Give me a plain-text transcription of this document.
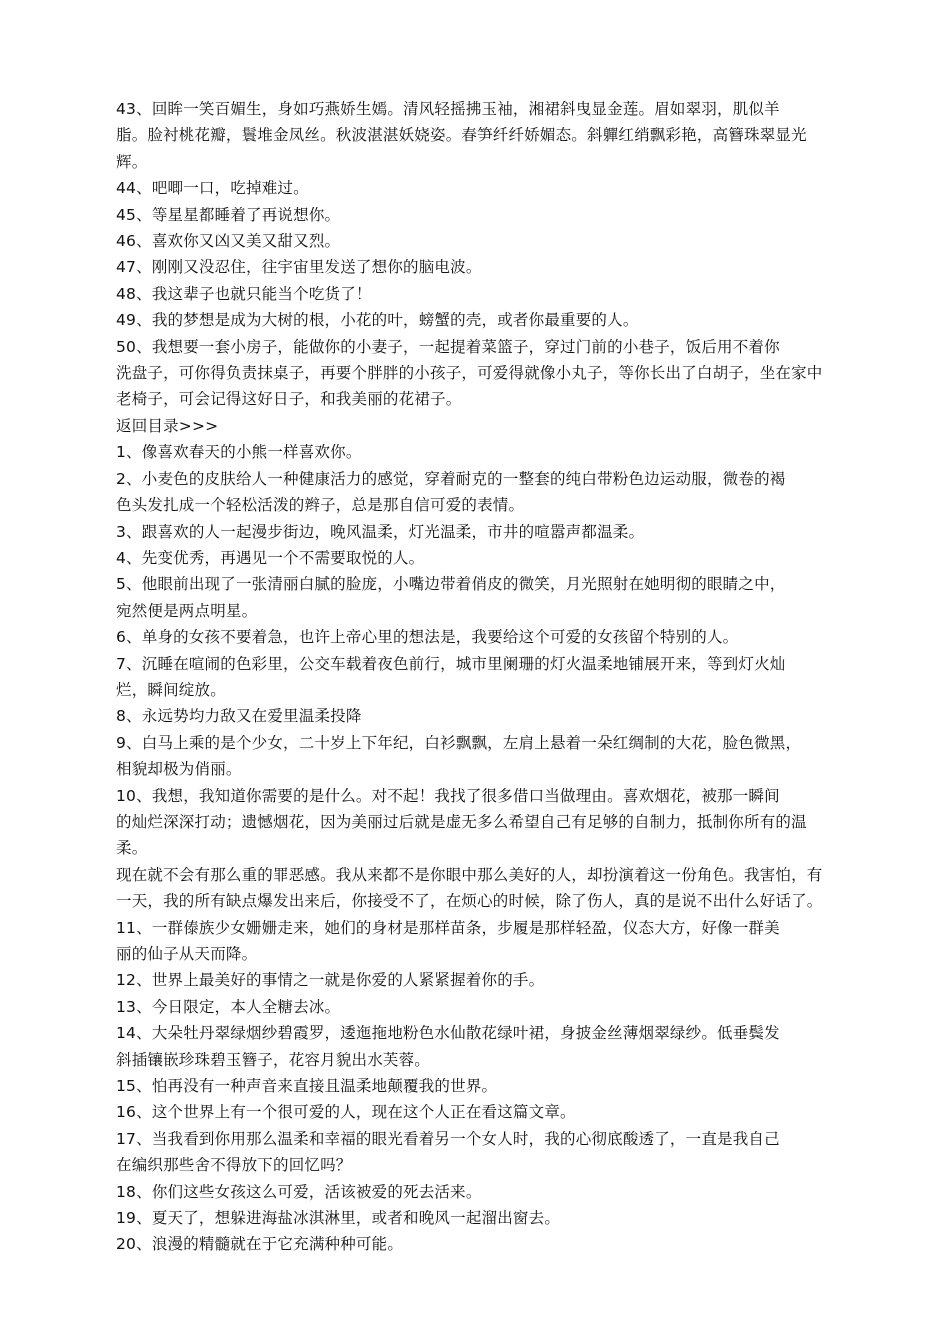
43、回眸一笑百媚生，身如巧燕娇生嫣。清风轻摇拂玉袖，湘裙斜曳显金莲。眉如翠羽，肌似羊
脂。脸衬桃花瓣，鬟堆金凤丝。秋波湛湛妖娆姿。春笋纤纤娇媚态。斜軃红绡飘彩艳，高簪珠翠显光辉。

44、吧唧一口，吃掉难过。

45、等星星都睡着了再说想你。

46、喜欢你又凶又美又甜又烈。

47、刚刚又没忍住，往宇宙里发送了想你的脑电波。

48、我这辈子也就只能当个吃货了！

49、我的梦想是成为大树的根，小花的叶，螃蟹的壳，或者你最重要的人。

50、我想要一套小房子，能做你的小妻子，一起提着菜篮子，穿过门前的小巷子，饭后用不着你
洗盘子，可你得负责抹桌子，再要个胖胖的小孩子，可爱得就像小丸子，等你长出了白胡子，坐在家中
老椅子，可会记得这好日子，和我美丽的花裙子。

返回目录>>>

1、像喜欢春天的小熊一样喜欢你。

2、小麦色的皮肤给人一种健康活力的感觉，穿着耐克的一整套的纯白带粉色边运动服，微卷的褐
色头发扎成一个轻松活泼的辫子，总是那自信可爱的表情。

3、跟喜欢的人一起漫步街边，晚风温柔，灯光温柔，市井的喧嚣声都温柔。

4、先变优秀，再遇见一个不需要取悦的人。

5、他眼前出现了一张清丽白腻的脸庞，小嘴边带着俏皮的微笑，月光照射在她明彻的眼睛之中，
宛然便是两点明星。

6、单身的女孩不要着急，也许上帝心里的想法是，我要给这个可爱的女孩留个特别的人。

7、沉睡在喧闹的色彩里，公交车载着夜色前行，城市里阑珊的灯火温柔地铺展开来，等到灯火灿
烂，瞬间绽放。

8、永远势均力敌又在爱里温柔投降

9、白马上乘的是个少女，二十岁上下年纪，白衫飘飘，左肩上悬着一朵红绸制的大花，脸色微黑，
相貌却极为俏丽。

10、我想，我知道你需要的是什么。对不起！我找了很多借口当做理由。喜欢烟花，被那一瞬间
的灿烂深深打动；遗憾烟花，因为美丽过后就是虚无多么希望自己有足够的自制力，抵制你所有的温柔。
现在就不会有那么重的罪恶感。我从来都不是你眼中那么美好的人，却扮演着这一份角色。我害怕，有
一天，我的所有缺点爆发出来后，你接受不了，在烦心的时候，除了伤人，真的是说不出什么好话了。

11、一群傣族少女姗姗走来，她们的身材是那样苗条，步履是那样轻盈，仪态大方，好像一群美
丽的仙子从天而降。

12、世界上最美好的事情之一就是你爱的人紧紧握着你的手。

13、今日限定，本人全糖去冰。

14、大朵牡丹翠绿烟纱碧霞罗，逶迤拖地粉色水仙散花绿叶裙，身披金丝薄烟翠绿纱。低垂鬓发
斜插镶嵌珍珠碧玉簪子，花容月貌出水芙蓉。

15、怕再没有一种声音来直接且温柔地颠覆我的世界。

16、这个世界上有一个很可爱的人，现在这个人正在看这篇文章。

17、当我看到你用那么温柔和幸福的眼光看着另一个女人时，我的心彻底酸透了，一直是我自己
在编织那些舍不得放下的回忆吗？

18、你们这些女孩这么可爱，活该被爱的死去活来。

19、夏天了，想躲进海盐冰淇淋里，或者和晚风一起溜出窗去。

20、浪漫的精髓就在于它充满种种可能。
